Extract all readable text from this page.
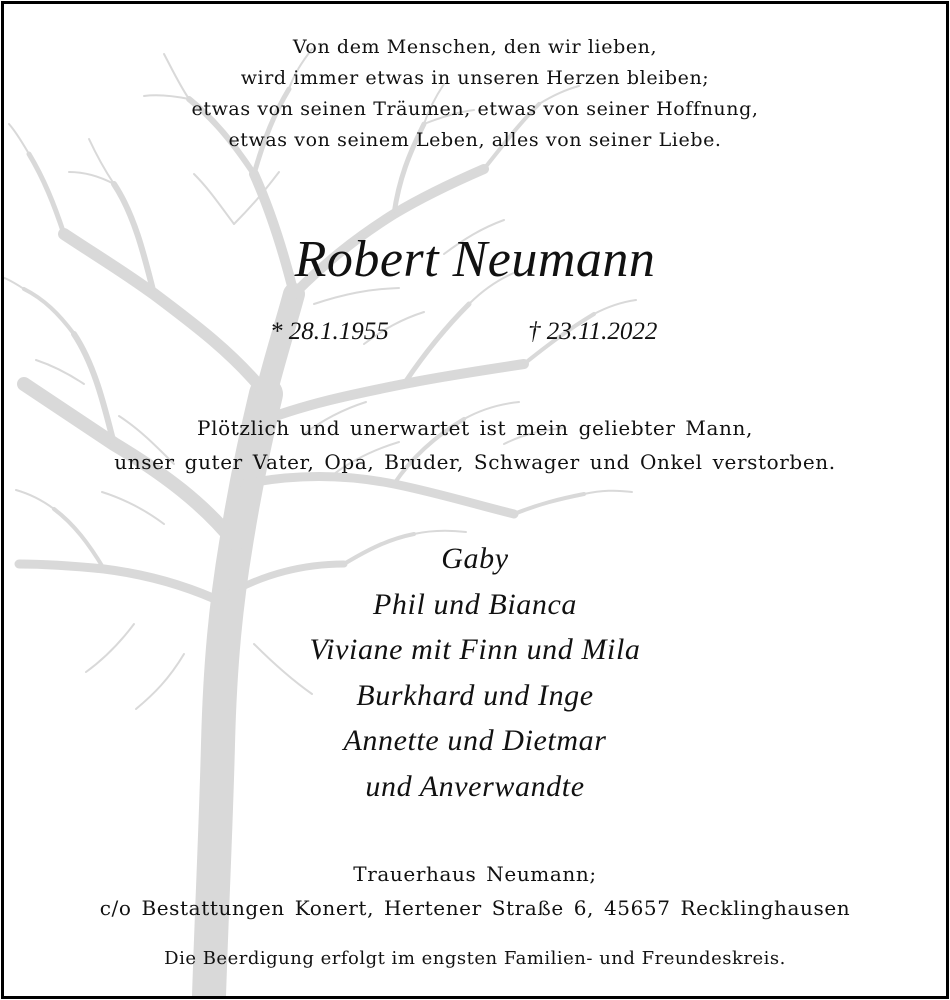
Von dem Menschen, den wir lieben,
wird immer etwas in unseren Herzen bleiben;
etwas von seinen Träumen, etwas von seiner Hoffnung,
etwas von seinem Leben, alles von seiner Liebe.
Robert Neumann
* 28.1.1955	† 23.11.2022
Plötzlich und unerwartet ist mein geliebter Mann,
unser guter Vater, Opa, Bruder, Schwager und Onkel verstorben.
Gaby
Phil und Bianca
Viviane mit Finn und Mila
Burkhard und Inge
Annette und Dietmar
und Anverwandte
Trauerhaus Neumann;
c/o Bestattungen Konert, Hertener Straße 6, 45657 Recklinghausen
Die Beerdigung erfolgt im engsten Familien- und Freundeskreis.
